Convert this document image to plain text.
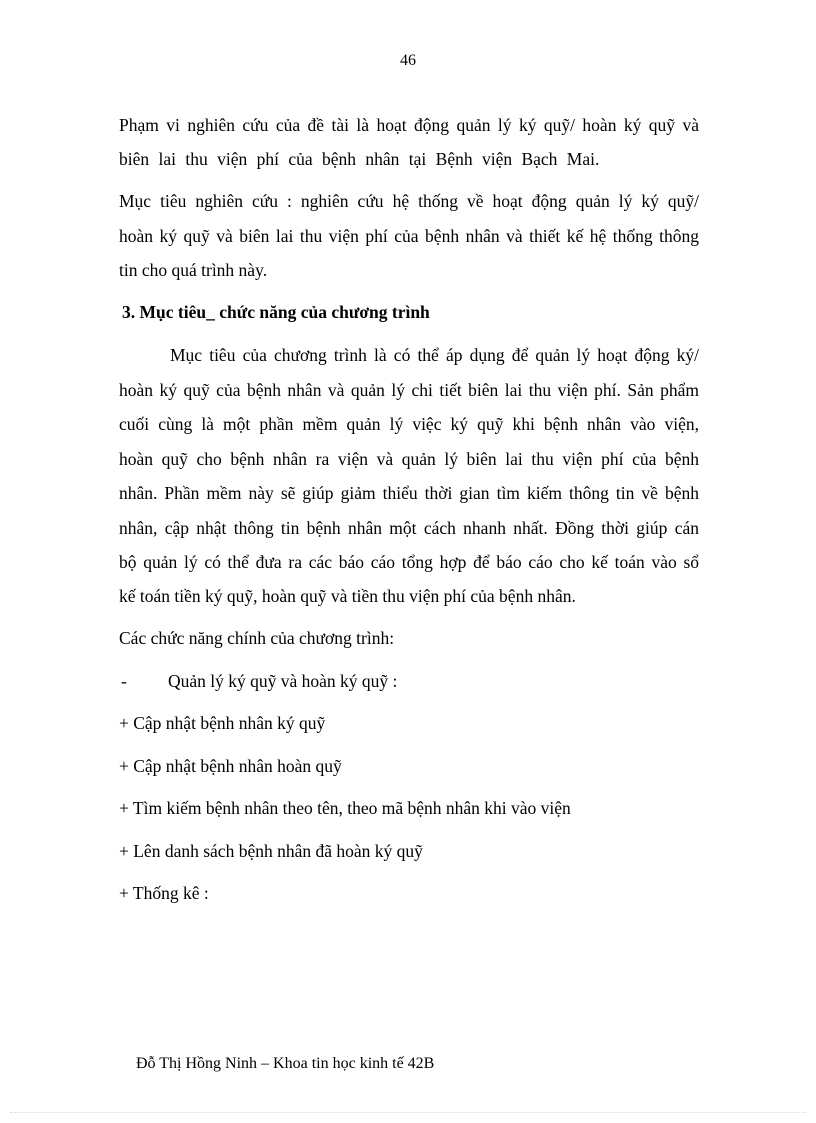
46
Phạm vi nghiên cứu của đề tài là hoạt động quản lý ký quỹ/ hoàn ký quỹ và
biên lai thu viện phí của bệnh nhân tại Bệnh viện Bạch Mai.
Mục tiêu nghiên cứu : nghiên cứu hệ thống về hoạt động quản lý ký quỹ/
hoàn ký quỹ và biên lai thu viện phí của bệnh nhân và thiết kế hệ thống thông
tin cho quá trình này.
3. Mục tiêu_ chức năng của chương trình
Mục tiêu của chương trình là có thể áp dụng để quản lý hoạt động ký/
hoàn ký quỹ của bệnh nhân và quản lý chi tiết biên lai thu viện phí. Sản phẩm
cuối cùng là một phần mềm quản lý việc ký quỹ khi bệnh nhân vào viện,
hoàn quỹ cho bệnh nhân ra viện và quản lý biên lai thu viện phí của bệnh
nhân. Phần mềm này sẽ giúp giảm thiểu thời gian tìm kiếm thông tin về bệnh
nhân, cập nhật thông tin bệnh nhân một cách nhanh nhất. Đồng thời giúp cán
bộ quản lý có thể đưa ra các báo cáo tổng hợp để báo cáo cho kế toán vào sổ
kế toán tiền ký quỹ, hoàn quỹ và tiền thu viện phí của bệnh nhân.
Các chức năng chính của chương trình:
- Quản lý ký quỹ và hoàn ký quỹ :
+ Cập nhật bệnh nhân ký quỹ
+ Cập nhật bệnh nhân hoàn quỹ
+ Tìm kiếm bệnh nhân theo tên, theo mã bệnh nhân khi vào viện
+ Lên danh sách bệnh nhân đã hoàn ký quỹ
+ Thống kê :
Đỗ Thị Hồng Ninh – Khoa tin học kinh tế 42B
